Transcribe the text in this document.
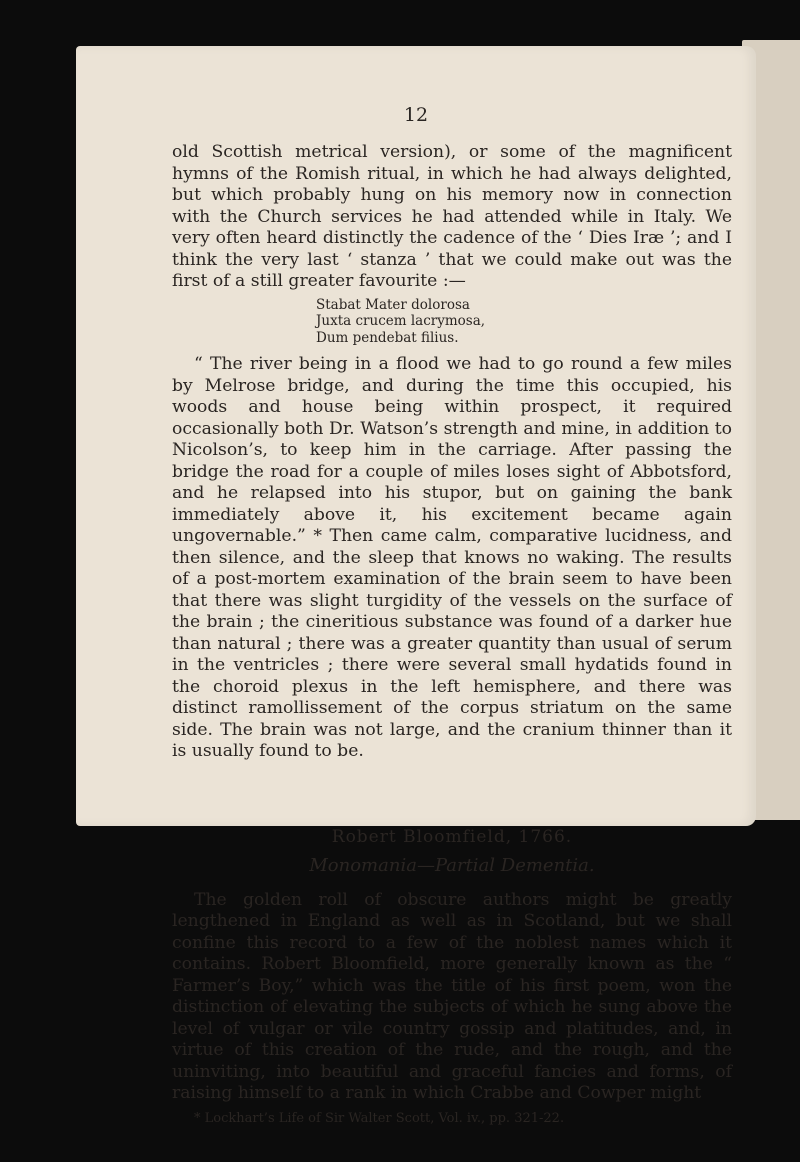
12

old Scottish metrical version), or some of the magnificent hymns of the Romish ritual, in which he had always delighted, but which probably hung on his memory now in connection with the Church services he had attended while in Italy. We very often heard distinctly the cadence of the ‘ Dies Iræ ’; and I think the very last ‘ stanza ’ that we could make out was the first of a still greater favourite :—

Stabat Mater dolorosa
Juxta crucem lacrymosa,
Dum pendebat filius.

“ The river being in a flood we had to go round a few miles by Melrose bridge, and during the time this occupied, his woods and house being within prospect, it required occasionally both Dr. Watson’s strength and mine, in addition to Nicolson’s, to keep him in the carriage. After passing the bridge the road for a couple of miles loses sight of Abbotsford, and he relapsed into his stupor, but on gaining the bank immediately above it, his excitement became again ungovernable.” * Then came calm, comparative lucidness, and then silence, and the sleep that knows no waking. The results of a post-mortem examination of the brain seem to have been that there was slight turgidity of the vessels on the surface of the brain ; the cineritious substance was found of a darker hue than natural ; there was a greater quantity than usual of serum in the ventricles ; there were several small hydatids found in the choroid plexus in the left hemisphere, and there was distinct ramollissement of the corpus striatum on the same side. The brain was not large, and the cranium thinner than it is usually found to be.

Robert Bloomfield, 1766.
Monomania—Partial Dementia.

The golden roll of obscure authors might be greatly lengthened in England as well as in Scotland, but we shall confine this record to a few of the noblest names which it contains. Robert Bloomfield, more generally known as the “ Farmer’s Boy,” which was the title of his first poem, won the distinction of elevating the subjects of which he sung above the level of vulgar or vile country gossip and platitudes, and, in virtue of this creation of the rude, and the rough, and the uninviting, into beautiful and graceful fancies and forms, of raising himself to a rank in which Crabbe and Cowper might

* Lockhart’s Life of Sir Walter Scott, Vol. iv., pp. 321-22.
